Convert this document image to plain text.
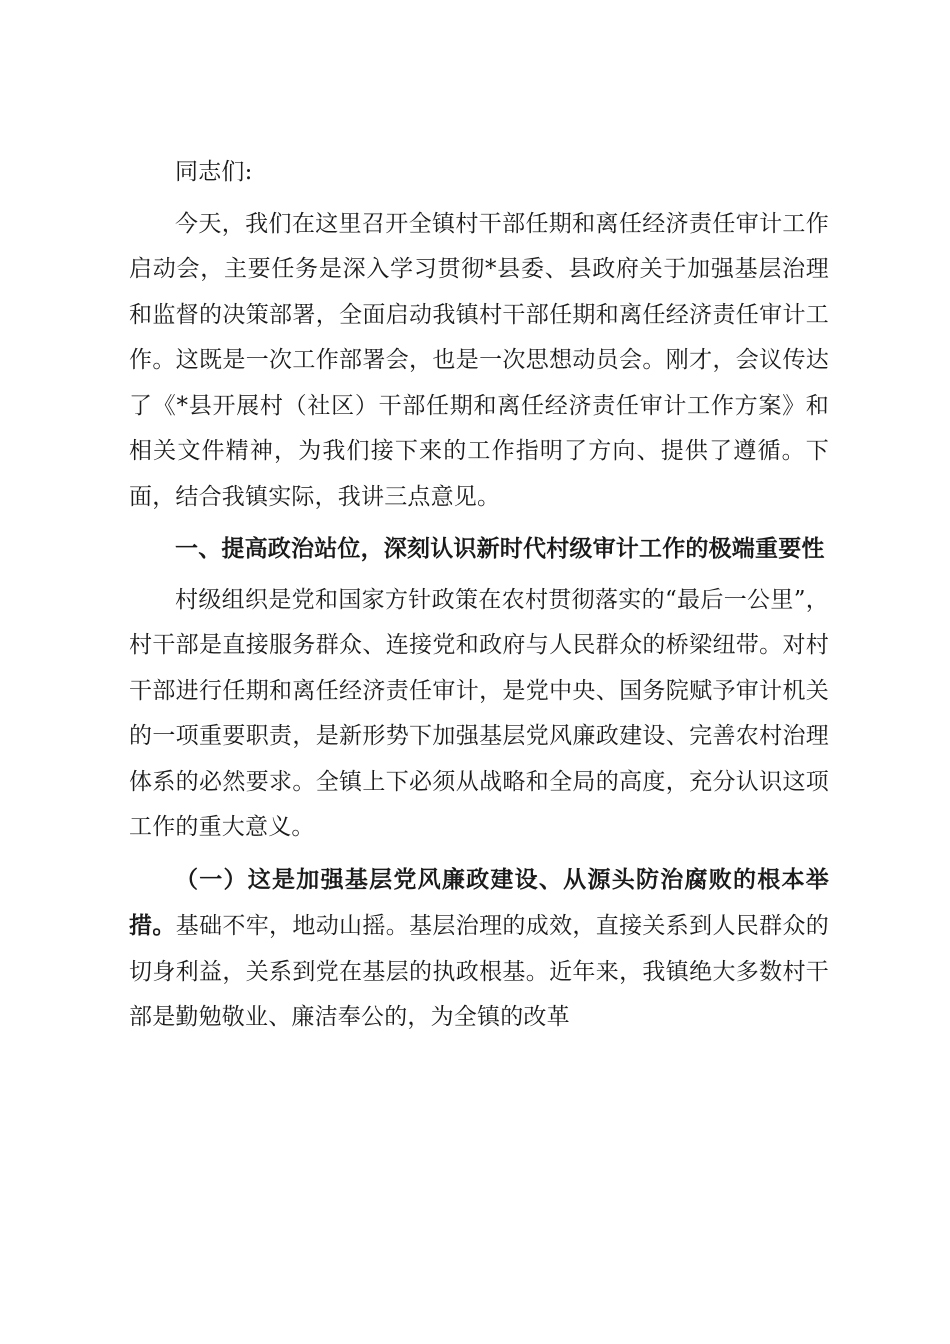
同志们:

今天，我们在这里召开全镇村干部任期和离任经济责任审计工作启动会，主要任务是深入学习贯彻*县委、县政府关于加强基层治理和监督的决策部署，全面启动我镇村干部任期和离任经济责任审计工作。这既是一次工作部署会，也是一次思想动员会。刚才，会议传达了《*县开展村（社区）干部任期和离任经济责任审计工作方案》和相关文件精神，为我们接下来的工作指明了方向、提供了遵循。下面，结合我镇实际，我讲三点意见。

一、提高政治站位，深刻认识新时代村级审计工作的极端重要性

村级组织是党和国家方针政策在农村贯彻落实的“最后一公里”，村干部是直接服务群众、连接党和政府与人民群众的桥梁纽带。对村干部进行任期和离任经济责任审计，是党中央、国务院赋予审计机关的一项重要职责，是新形势下加强基层党风廉政建设、完善农村治理体系的必然要求。全镇上下必须从战略和全局的高度，充分认识这项工作的重大意义。

（一）这是加强基层党风廉政建设、从源头防治腐败的根本举措。基础不牢，地动山摇。基层治理的成效，直接关系到人民群众的切身利益，关系到党在基层的执政根基。近年来，我镇绝大多数村干部是勤勉敬业、廉洁奉公的，为全镇的改革
